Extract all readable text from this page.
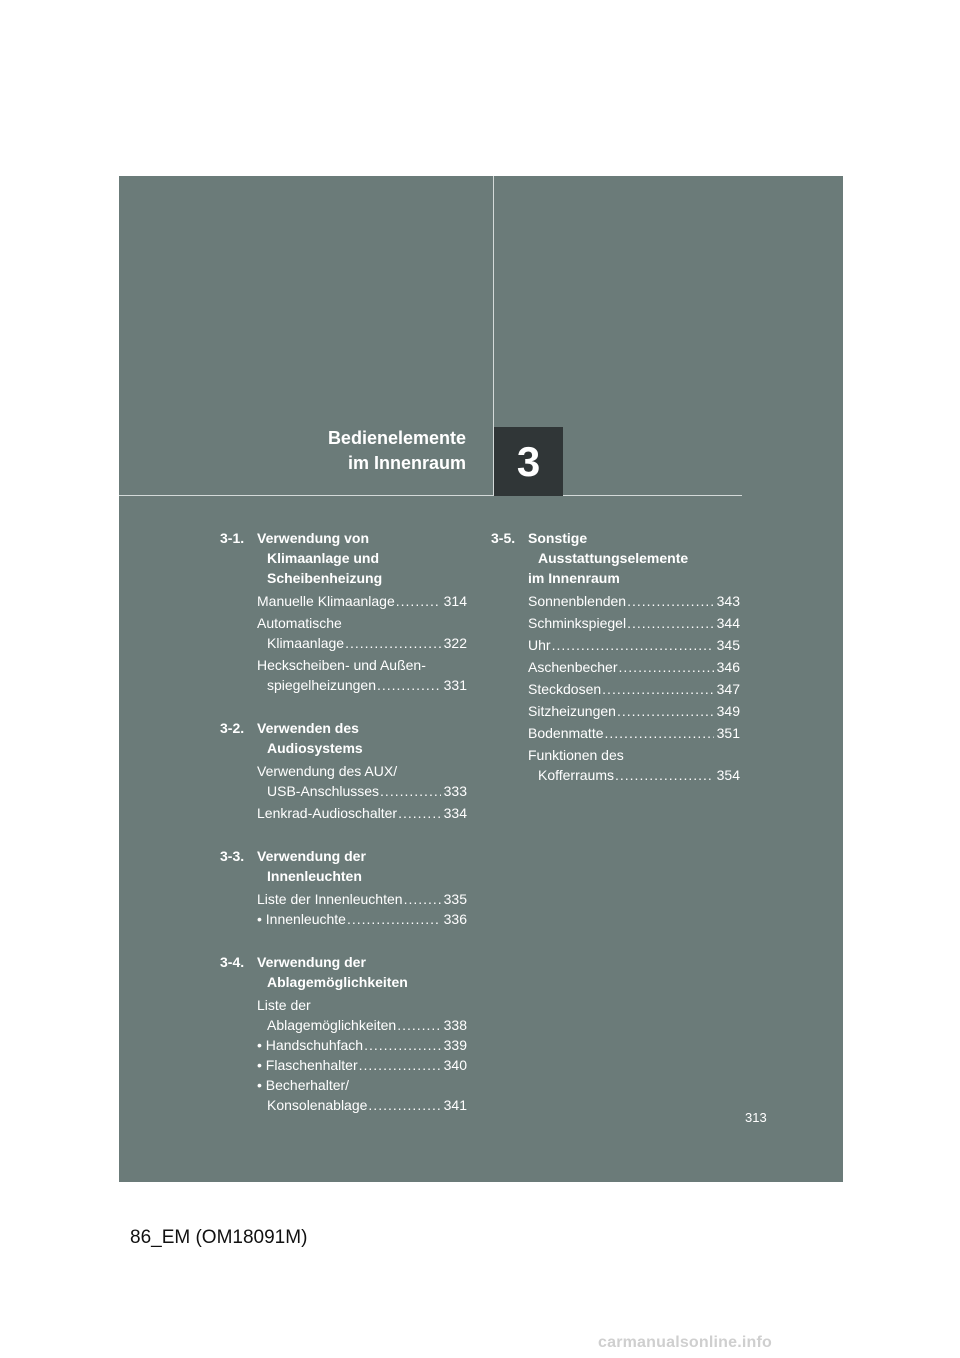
Bedienelemente
im Innenraum	3
3-1. Verwendung von
Klimaanlage und
Scheibenheizung
Manuelle Klimaanlage .....	314
Automatische
Klimaanlage .....	322
Heckscheiben- und Außen-
spiegelheizungen .....	331
3-2. Verwenden des
Audiosystems
Verwendung des AUX/
USB-Anschlusses .....	333
Lenkrad-Audioschalter .....	334
3-3. Verwendung der
Innenleuchten
Liste der Innenleuchten .....	335
• Innenleuchte .....	336
3-4. Verwendung der
Ablagemöglichkeiten
Liste der
Ablagemöglichkeiten .....	338
• Handschuhfach .....	339
• Flaschenhalter .....	340
• Becherhalter/
Konsolenablage .....	341
3-5. Sonstige
Ausstattungselemente
im Innenraum
Sonnenblenden .....	343
Schminkspiegel .....	344
Uhr .....	345
Aschenbecher .....	346
Steckdosen .....	347
Sitzheizungen .....	349
Bodenmatte .....	351
Funktionen des
Kofferraums .....	354
313
86_EM (OM18091M)
carmanualsonline.info
